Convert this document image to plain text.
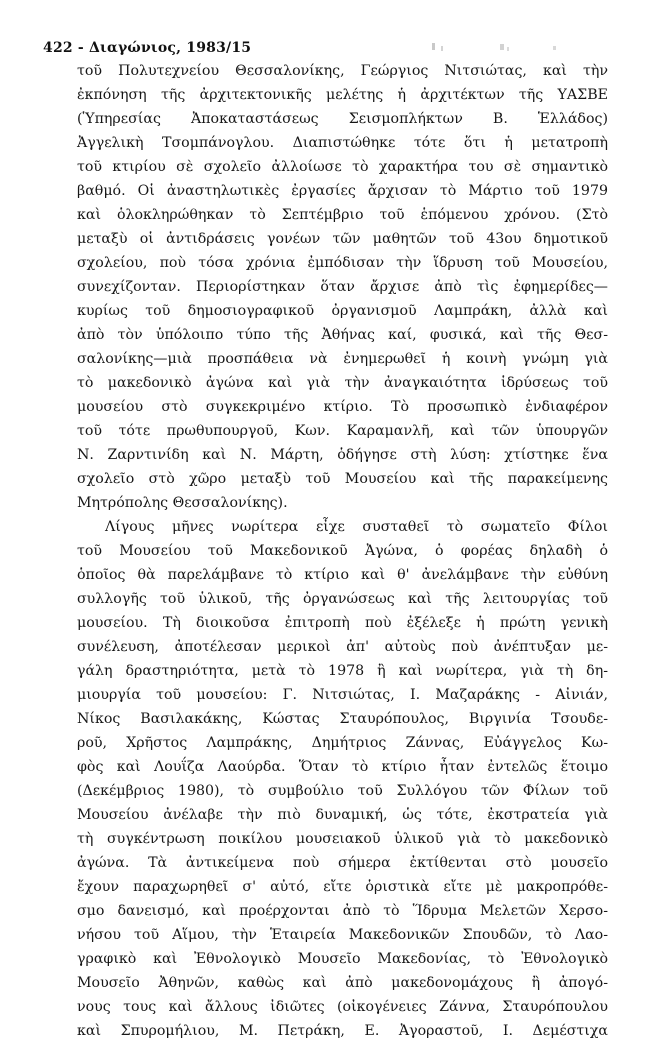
422 - Διαγώνιος, 1983/15
τοῦ Πολυτεχνείου Θεσσαλονίκης, Γεώργιος Νιτσιώτας, καὶ τὴν
ἐκπόνηση τῆς ἀρχιτεκτονικῆς μελέτης ἡ ἀρχιτέκτων τῆς ΥΑΣΒΕ
(Ὑπηρεσίας Ἀποκαταστάσεως Σεισμοπλήκτων Β. Ἑλλάδος)
Ἀγγελικὴ Τσομπάνογλου. Διαπιστώθηκε τότε ὅτι ἡ μετατροπὴ
τοῦ κτιρίου σὲ σχολεῖο ἀλλοίωσε τὸ χαρακτήρα του σὲ σημαντικὸ
βαθμό. Οἱ ἀναστηλωτικὲς ἐργασίες ἄρχισαν τὸ Μάρτιο τοῦ 1979
καὶ ὁλοκληρώθηκαν τὸ Σεπτέμβριο τοῦ ἑπόμενου χρόνου. (Στὸ
μεταξὺ οἱ ἀντιδράσεις γονέων τῶν μαθητῶν τοῦ 43ου δημοτικοῦ
σχολείου, ποὺ τόσα χρόνια ἐμπόδισαν τὴν ἵδρυση τοῦ Μουσείου,
συνεχίζονταν. Περιορίστηκαν ὅταν ἄρχισε ἀπὸ τὶς ἐφημερίδες—
κυρίως τοῦ δημοσιογραφικοῦ ὀργανισμοῦ Λαμπράκη, ἀλλὰ καὶ
ἀπὸ τὸν ὑπόλοιπο τύπο τῆς Ἀθήνας καί, φυσικά, καὶ τῆς Θεσ-
σαλονίκης—μιὰ προσπάθεια νὰ ἐνημερωθεῖ ἡ κοινὴ γνώμη γιὰ
τὸ μακεδονικὸ ἀγώνα καὶ γιὰ τὴν ἀναγκαιότητα ἱδρύσεως τοῦ
μουσείου στὸ συγκεκριμένο κτίριο. Τὸ προσωπικὸ ἐνδιαφέρον
τοῦ τότε πρωθυπουργοῦ, Κων. Καραμανλῆ, καὶ τῶν ὑπουργῶν
Ν. Ζαρντινίδη καὶ Ν. Μάρτη, ὁδήγησε στὴ λύση: χτίστηκε ἕνα
σχολεῖο στὸ χῶρο μεταξὺ τοῦ Μουσείου καὶ τῆς παρακείμενης
Μητρόπολης Θεσσαλονίκης).
Λίγους μῆνες νωρίτερα εἶχε συσταθεῖ τὸ σωματεῖο Φίλοι
τοῦ Μουσείου τοῦ Μακεδονικοῦ Ἀγώνα, ὁ φορέας δηλαδὴ ὁ
ὁποῖος θὰ παρελάμβανε τὸ κτίριο καὶ θ' ἀνελάμβανε τὴν εὐθύνη
συλλογῆς τοῦ ὑλικοῦ, τῆς ὀργανώσεως καὶ τῆς λειτουργίας τοῦ
μουσείου. Τὴ διοικοῦσα ἐπιτροπὴ ποὺ ἐξέλεξε ἡ πρώτη γενικὴ
συνέλευση, ἀποτέλεσαν μερικοὶ ἀπ' αὐτοὺς ποὺ ἀνέπτυξαν με-
γάλη δραστηριότητα, μετὰ τὸ 1978 ἢ καὶ νωρίτερα, γιὰ τὴ δη-
μιουργία τοῦ μουσείου: Γ. Νιτσιώτας, Ι. Μαζαράκης - Αἰνιάν,
Νίκος Βασιλακάκης, Κώστας Σταυρόπουλος, Βιργινία Τσουδε-
ροῦ, Χρῆστος Λαμπράκης, Δημήτριος Ζάννας, Εὐάγγελος Κω-
φὸς καὶ Λουΐζα Λαούρδα. Ὅταν τὸ κτίριο ἦταν ἐντελῶς ἕτοιμο
(Δεκέμβριος 1980), τὸ συμβούλιο τοῦ Συλλόγου τῶν Φίλων τοῦ
Μουσείου ἀνέλαβε τὴν πιὸ δυναμική, ὡς τότε, ἐκστρατεία γιὰ
τὴ συγκέντρωση ποικίλου μουσειακοῦ ὑλικοῦ γιὰ τὸ μακεδονικὸ
ἀγώνα. Τὰ ἀντικείμενα ποὺ σήμερα ἐκτίθενται στὸ μουσεῖο
ἔχουν παραχωρηθεῖ σ' αὐτό, εἴτε ὁριστικὰ εἴτε μὲ μακροπρόθε-
σμο δανεισμό, καὶ προέρχονται ἀπὸ τὸ Ἵδρυμα Μελετῶν Χερσο-
νήσου τοῦ Αἵμου, τὴν Ἑταιρεία Μακεδονικῶν Σπουδῶν, τὸ Λαο-
γραφικὸ καὶ Ἐθνολογικὸ Μουσεῖο Μακεδονίας, τὸ Ἐθνολογικὸ
Μουσεῖο Ἀθηνῶν, καθὼς καὶ ἀπὸ μακεδονομάχους ἢ ἀπογό-
νους τους καὶ ἄλλους ἰδιῶτες (οἰκογένειες Ζάννα, Σταυρόπουλου
καὶ Σπυρομήλιου, Μ. Πετράκη, Ε. Ἀγοραστοῦ, Ι. Δεμέστιχα
